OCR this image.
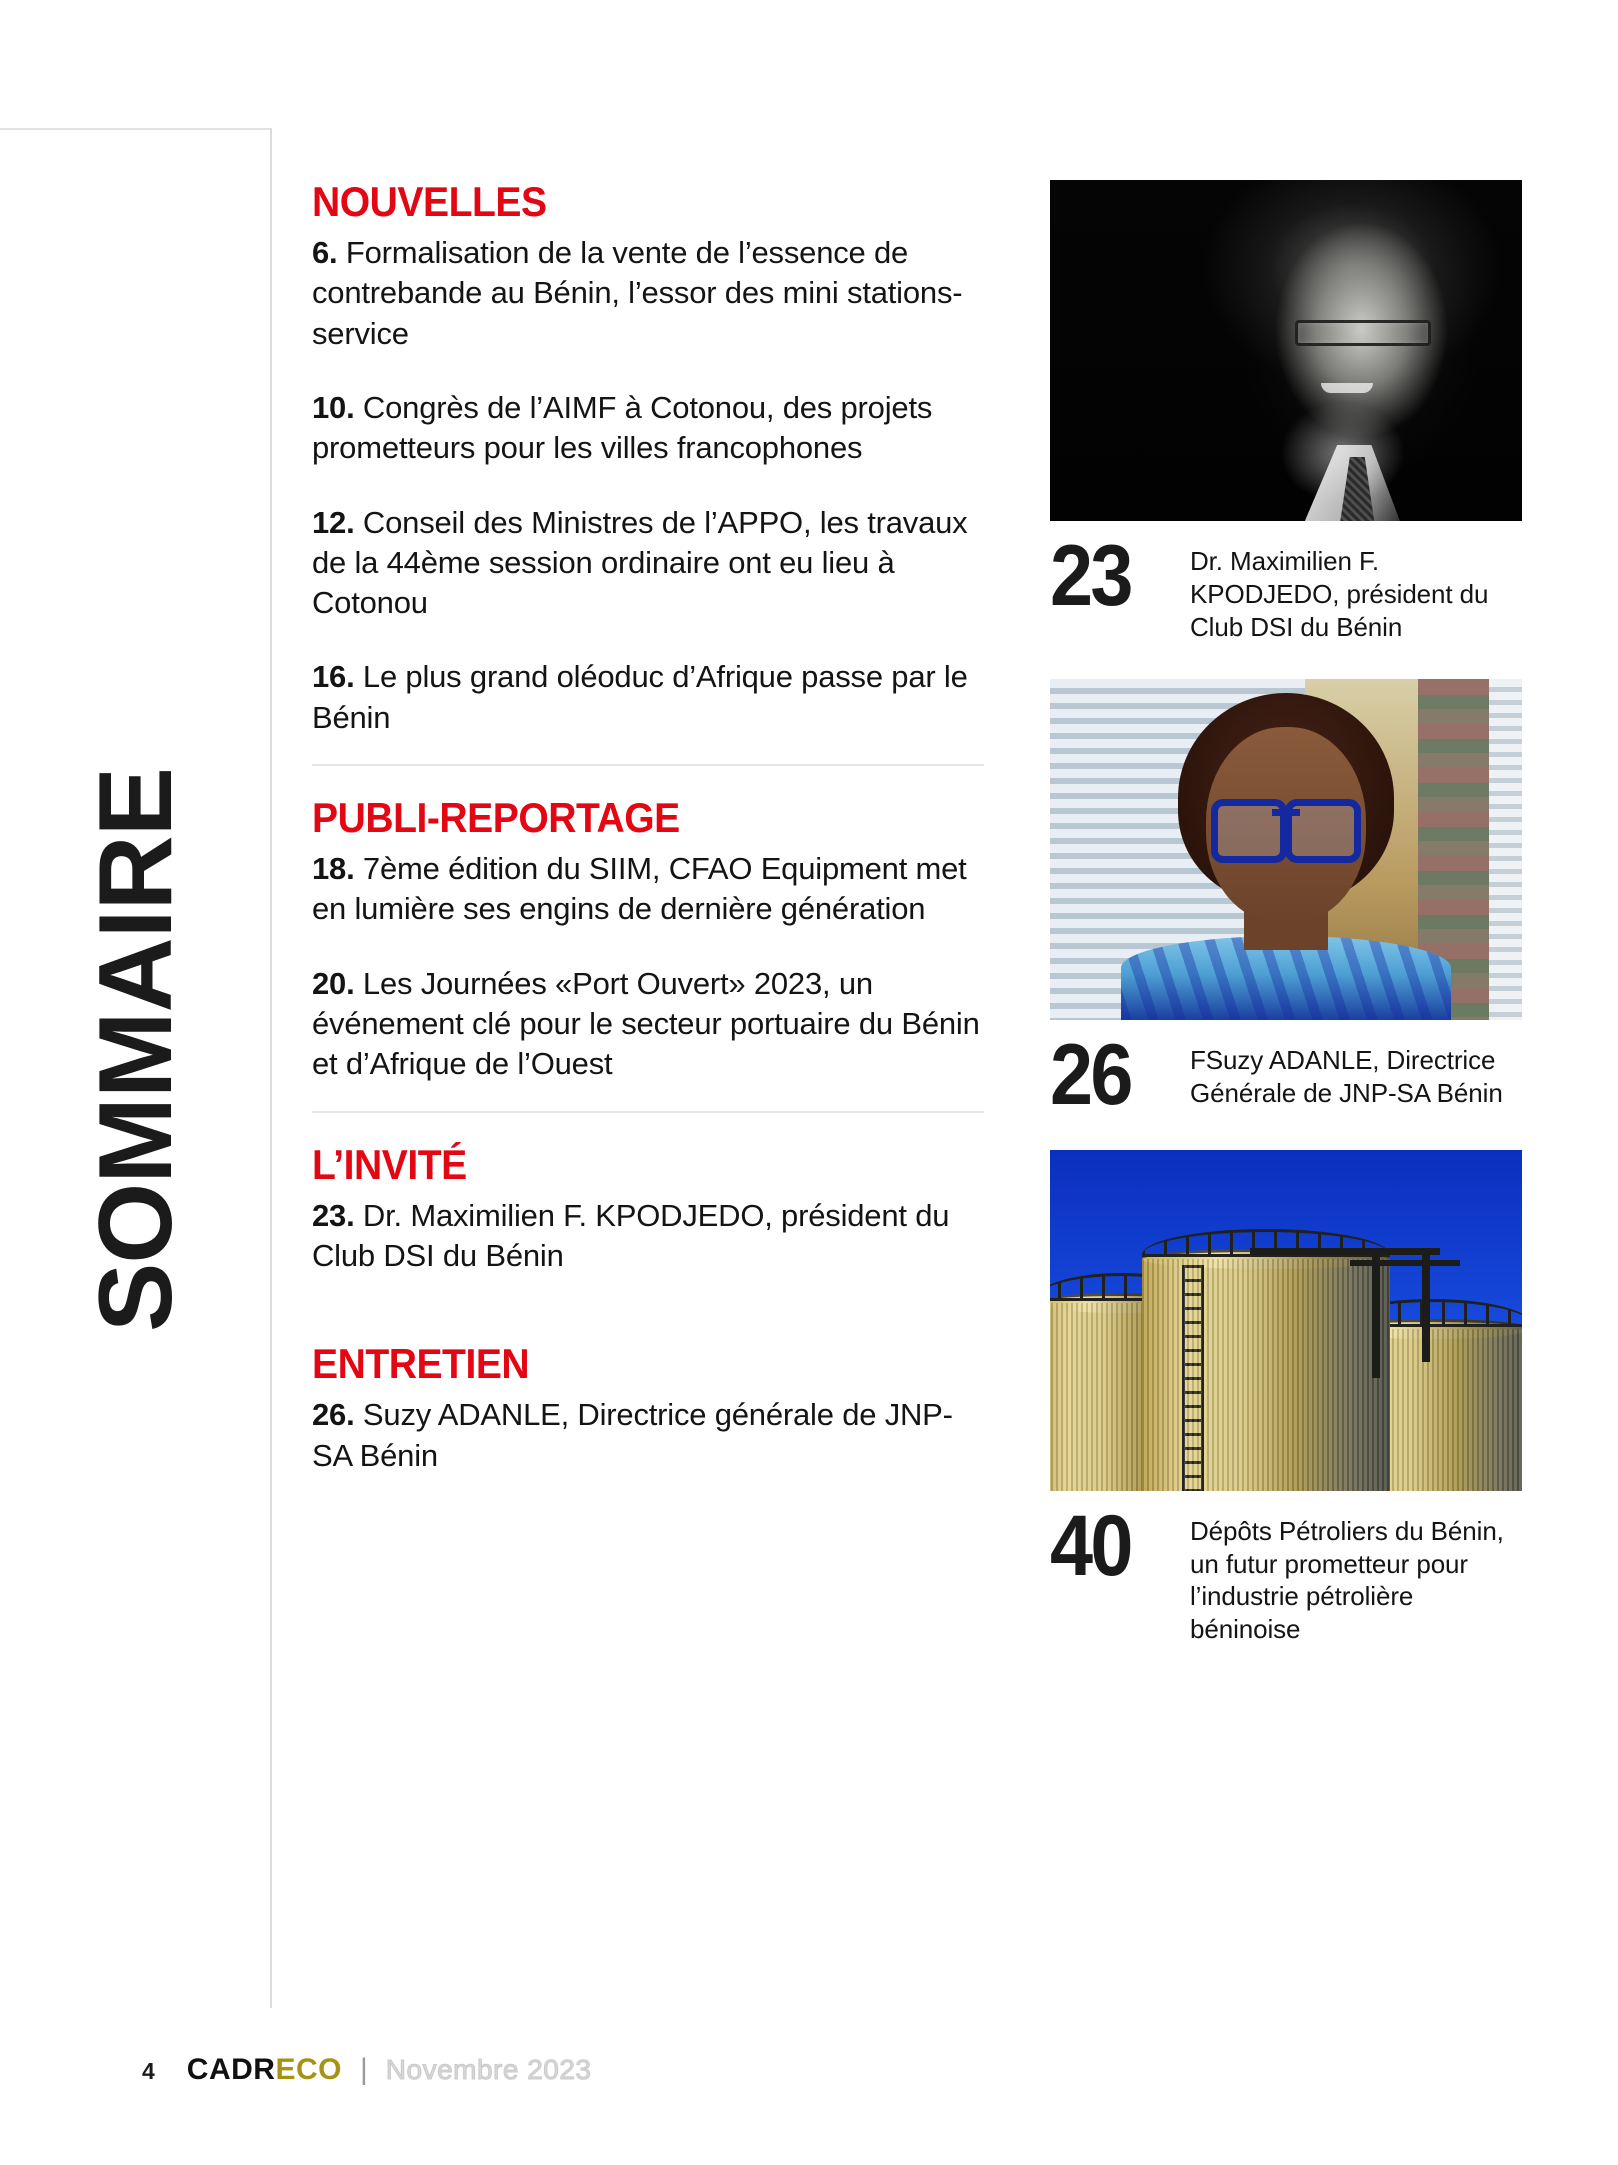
SOMMAIRE
NOUVELLES
6. Formalisation de la vente de l’essence de contrebande au Bénin, l’essor des mini stations-service
10. Congrès de l’AIMF à Cotonou, des projets prometteurs pour les villes francophones
12. Conseil des Ministres de l’APPO, les travaux de la 44ème session ordinaire ont eu lieu à Cotonou
16. Le plus grand oléoduc d’Afrique passe par le Bénin
PUBLI-REPORTAGE
18. 7ème édition du SIIM, CFAO Equipment met en lumière ses engins de dernière génération
20. Les Journées «Port Ouvert» 2023, un événement clé pour le secteur portuaire du Bénin et d’Afrique de l’Ouest
L’INVITÉ
23. Dr. Maximilien F. KPODJEDO, président du Club DSI du Bénin
ENTRETIEN
26. Suzy ADANLE, Directrice générale de JNP-SA Bénin
23	Dr. Maximilien F. KPODJEDO, président du Club DSI du Bénin
26	FSuzy ADANLE, Directrice Générale de JNP-SA Bénin
40	Dépôts Pétroliers du Bénin, un futur prometteur pour l’industrie pétrolière béninoise
4 CADRECO | Novembre 2023
